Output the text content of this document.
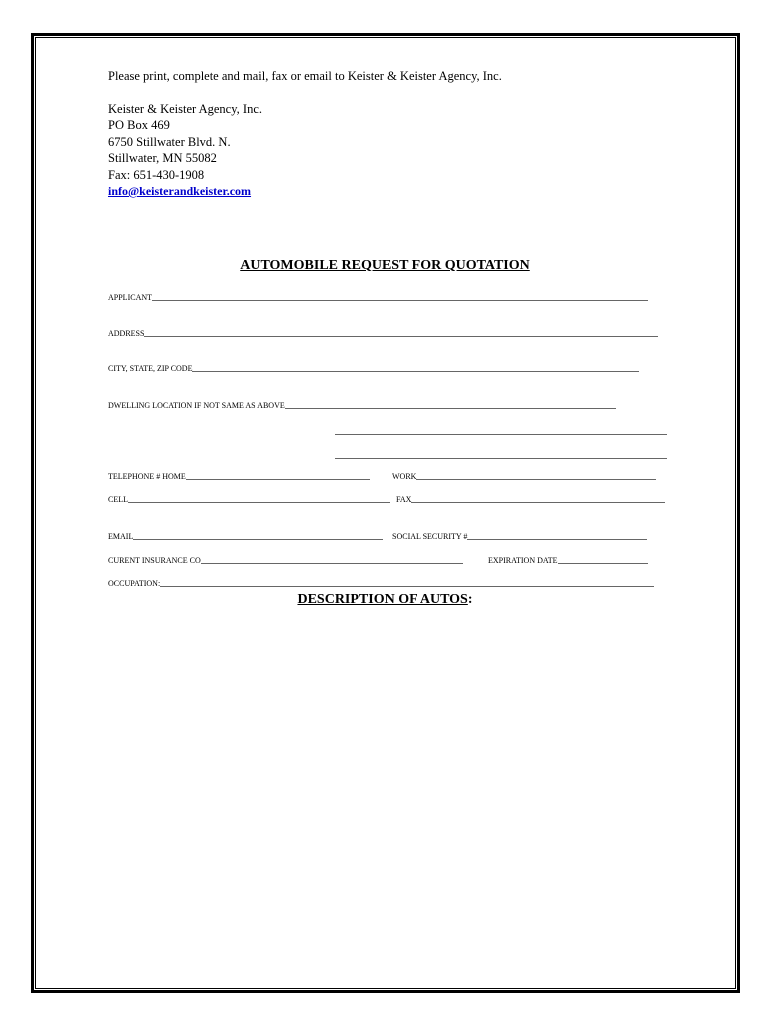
Please print, complete and mail, fax or email to Keister & Keister Agency, Inc.
Keister & Keister Agency, Inc.
PO Box 469
6750 Stillwater Blvd. N.
Stillwater, MN 55082
Fax: 651-430-1908
info@keisterandkeister.com
AUTOMOBILE REQUEST FOR QUOTATION
APPLICANT
ADDRESS
CITY, STATE, ZIP CODE
DWELLING LOCATION IF NOT SAME AS ABOVE
TELEPHONE # HOME	WORK
CELL	FAX
EMAIL	SOCIAL SECURITY #
CURENT INSURANCE CO	EXPIRATION DATE
OCCUPATION:
DESCRIPTION OF AUTOS:
